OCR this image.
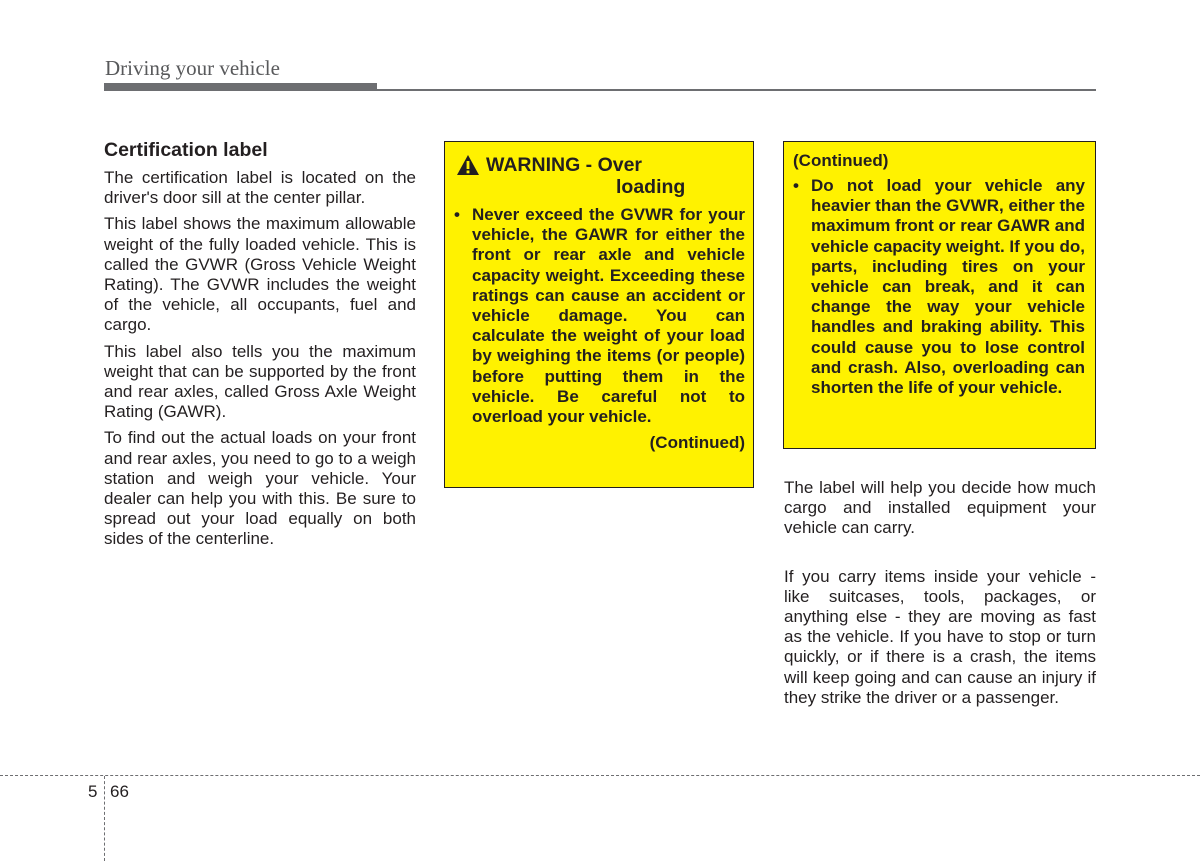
Driving your vehicle
Certification label

The certification label is located on the driver's door sill at the center pillar.

This label shows the maximum allowable weight of the fully loaded vehicle. This is called the GVWR (Gross Vehicle Weight Rating). The GVWR includes the weight of the vehicle, all occupants, fuel and cargo.

This label also tells you the maximum weight that can be supported by the front and rear axles, called Gross Axle Weight Rating (GAWR).

To find out the actual loads on your front and rear axles, you need to go to a weigh station and weigh your vehicle. Your dealer can help you with this. Be sure to spread out your load equally on both sides of the centerline.

WARNING - Over
loading
• Never exceed the GVWR for your vehicle, the GAWR for either the front or rear axle and vehicle capacity weight. Exceeding these ratings can cause an accident or vehicle damage. You can calculate the weight of your load by weighing the items (or people) before putting them in the vehicle. Be careful not to overload your vehicle.
(Continued)
(Continued)
• Do not load your vehicle any heavier than the GVWR, either the maximum front or rear GAWR and vehicle capacity weight. If you do, parts, including tires on your vehicle can break, and it can change the way your vehicle handles and braking ability. This could cause you to lose control and crash. Also, overloading can shorten the life of your vehicle.

The label will help you decide how much cargo and installed equipment your vehicle can carry.

If you carry items inside your vehicle - like suitcases, tools, packages, or anything else - they are moving as fast as the vehicle. If you have to stop or turn quickly, or if there is a crash, the items will keep going and can cause an injury if they strike the driver or a passenger.

5 66
